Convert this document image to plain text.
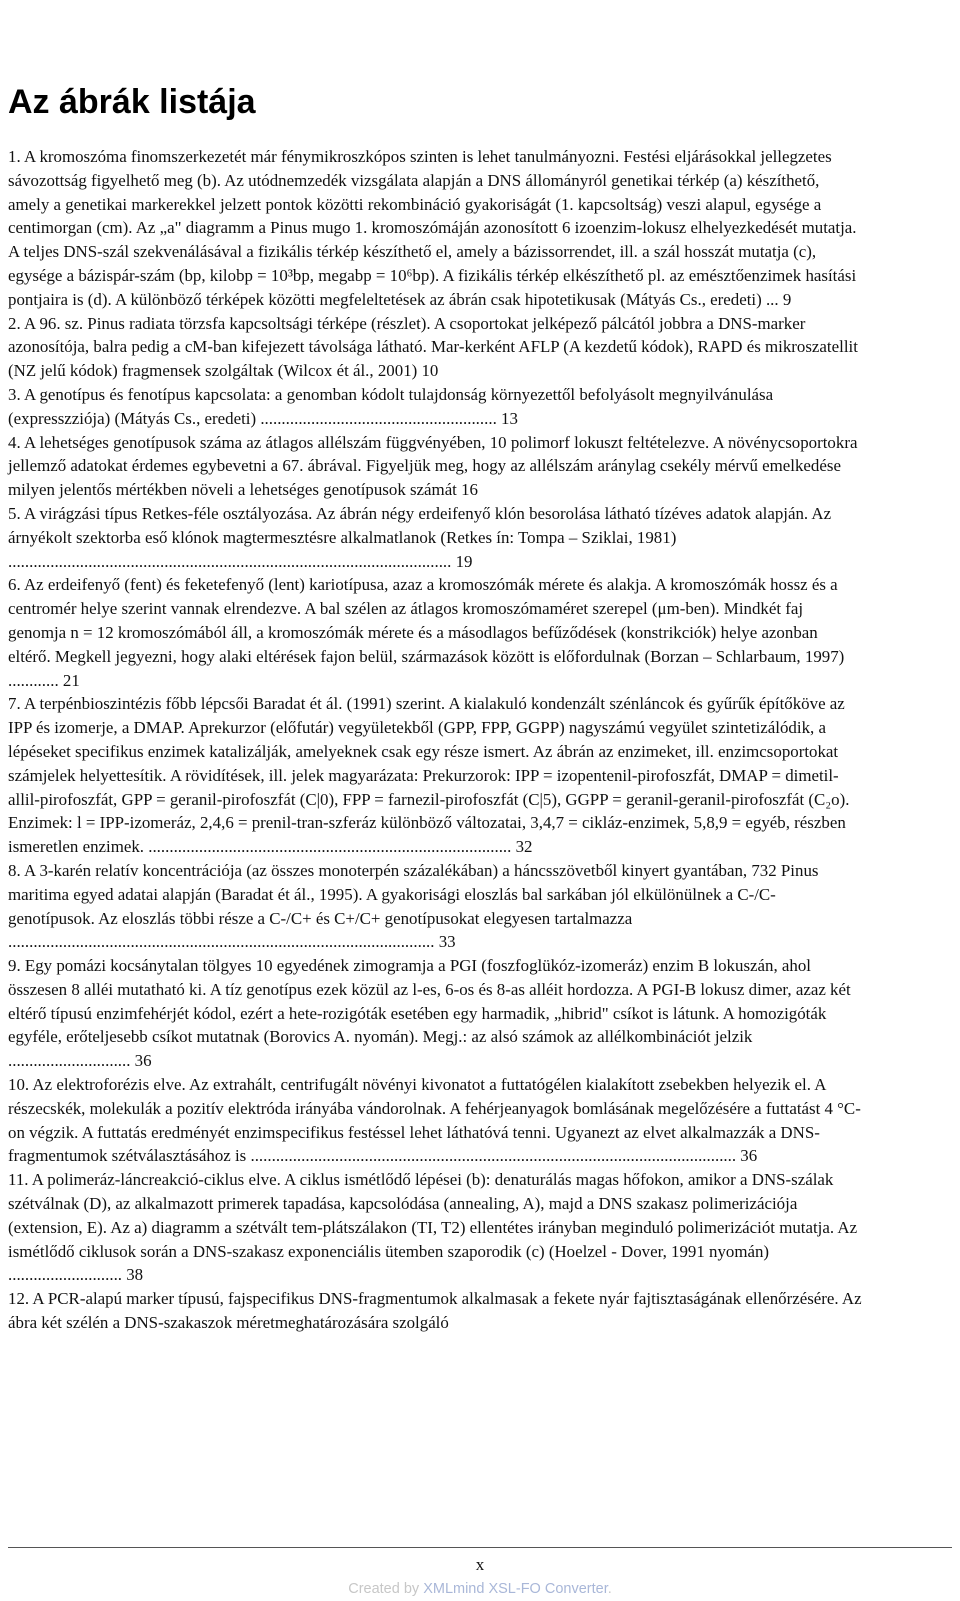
Az ábrák listája

1. A kromoszóma finomszerkezetét már fénymikroszkópos szinten is lehet tanulmányozni. Festési eljárásokkal jellegzetes sávozottság figyelhető meg (b). Az utódnemzedék vizsgálata alapján a DNS állományról genetikai térkép (a) készíthető, amely a genetikai markerekkel jelzett pontok közötti rekombináció gyakoriságát (1. kapcsoltság) veszi alapul, egysége a centimorgan (cm). Az „a" diagramm a Pinus mugo 1. kromoszómáján azonosított 6 izoenzim-lokusz elhelyezkedését mutatja. A teljes DNS-szál szekvenálásával a fizikális térkép készíthető el, amely a bázissorrendet, ill. a szál hosszát mutatja (c), egysége a bázispár-szám (bp, kilobp = 10³bp, megabp = 10⁶bp). A fizikális térkép elkészíthető pl. az emésztőenzimek hasítási pontjaira is (d). A különböző térképek közötti megfeleltetések az ábrán csak hipotetikusak (Mátyás Cs., eredeti) ... 9

2. A 96. sz. Pinus radiata törzsfa kapcsoltsági térképe (részlet). A csoportokat jelképező pálcától jobbra a DNS-marker azonosítója, balra pedig a cM-ban kifejezett távolsága látható. Mar-kerként AFLP (A kezdetű kódok), RAPD és mikroszatellit (NZ jelű kódok) fragmensek szolgáltak (Wilcox ét ál., 2001) 10

3. A genotípus és fenotípus kapcsolata: a genomban kódolt tulajdonság környezettől befolyásolt megnyilvánulása (expresszziója) (Mátyás Cs., eredeti) ........................................................ 13

4. A lehetséges genotípusok száma az átlagos allélszám függvényében, 10 polimorf lokuszt feltételezve. A növénycsoportokra jellemző adatokat érdemes egybevetni a 67. ábrával. Figyeljük meg, hogy az allélszám aránylag csekély mérvű emelkedése milyen jelentős mértékben növeli a lehetséges genotípusok számát 16

5. A virágzási típus Retkes-féle osztályozása. Az ábrán négy erdeifenyő klón besorolása látható tízéves adatok alapján. Az árnyékolt szektorba eső klónok magtermesztésre alkalmatlanok (Retkes ín: Tompa – Sziklai, 1981) ......................................................................................................... 19

6. Az erdeifenyő (fent) és feketefenyő (lent) kariotípusa, azaz a kromoszómák mérete és alakja. A kromoszómák hossz és a centromér helye szerint vannak elrendezve. A bal szélen az átlagos kromoszómaméret szerepel (μm-ben). Mindkét faj genomja n = 12 kromoszómából áll, a kromoszómák mérete és a másodlagos befűződések (konstrikciók) helye azonban eltérő. Megkell jegyezni, hogy alaki eltérések fajon belül, származások között is előfordulnak (Borzan – Schlarbaum, 1997) ............ 21

7. A terpénbioszintézis főbb lépcsői Baradat ét ál. (1991) szerint. A kialakuló kondenzált szénláncok és gyűrűk építőköve az IPP és izomerje, a DMAP. Aprekurzor (előfutár) vegyületekből (GPP, FPP, GGPP) nagyszámú vegyület szintetizálódik, a lépéseket specifikus enzimek katalizálják, amelyeknek csak egy része ismert. Az ábrán az enzimeket, ill. enzimcsoportokat számjelek helyettesítik. A rövidítések, ill. jelek magyarázata: Prekurzorok: IPP = izopentenil-pirofoszfát, DMAP = dimetil-allil-pirofoszfát, GPP = geranil-pirofoszfát (C|0), FPP = farnezil-pirofoszfát (C|5), GGPP = geranil-geranil-pirofoszfát (C₂o). Enzimek: l = IPP-izomeráz, 2,4,6 = prenil-tran-szferáz különböző változatai, 3,4,7 = cikláz-enzimek, 5,8,9 = egyéb, részben ismeretlen enzimek. ...................................................................................... 32

8. A 3-karén relatív koncentrációja (az összes monoterpén százalékában) a háncsszövetből kinyert gyantában, 732 Pinus maritima egyed adatai alapján (Baradat ét ál., 1995). A gyakorisági eloszlás bal sarkában jól elkülönülnek a C-/C- genotípusok. Az eloszlás többi része a C-/C+ és C+/C+ genotípusokat elegyesen tartalmazza ..................................................................................................... 33

9. Egy pomázi kocsánytalan tölgyes 10 egyedének zimogramja a PGI (foszfoglükóz-izomeráz) enzim B lokuszán, ahol összesen 8 alléi mutatható ki. A tíz genotípus ezek közül az l-es, 6-os és 8-as alléit hordozza. A PGI-B lokusz dimer, azaz két eltérő típusú enzimfehérjét kódol, ezért a hete-rozigóták esetében egy harmadik, „hibrid" csíkot is látunk. A homozigóták egyféle, erőteljesebb csíkot mutatnak (Borovics A. nyomán). Megj.: az alsó számok az allélkombinációt jelzik ............................. 36

10. Az elektroforézis elve. Az extrahált, centrifugált növényi kivonatot a futtatógélen kialakított zsebekben helyezik el. A részecskék, molekulák a pozitív elektróda irányába vándorolnak. A fehérjeanyagok bomlásának megelőzésére a futtatást 4 °C-on végzik. A futtatás eredményét enzimspecifikus festéssel lehet láthatóvá tenni. Ugyanezt az elvet alkalmazzák a DNS-fragmentumok szétválasztásához is ................................................................................................................... 36

11. A polimeráz-láncreakció-ciklus elve. A ciklus ismétlődő lépései (b): denaturálás magas hőfokon, amikor a DNS-szálak szétválnak (D), az alkalmazott primerek tapadása, kapcsolódása (annealing, A), majd a DNS szakasz polimerizációja (extension, E). Az a) diagramm a szétvált tem-plátszálakon (TI, T2) ellentétes irányban meginduló polimerizációt mutatja. Az ismétlődő ciklusok során a DNS-szakasz exponenciális ütemben szaporodik (c) (Hoelzel - Dover, 1991 nyomán) ........................... 38

12. A PCR-alapú marker típusú, fajspecifikus DNS-fragmentumok alkalmasak a fekete nyár fajtisztaságának ellenőrzésére. Az ábra két szélén a DNS-szakaszok méretmeghatározására szolgáló

x
Created by XMLmind XSL-FO Converter.
